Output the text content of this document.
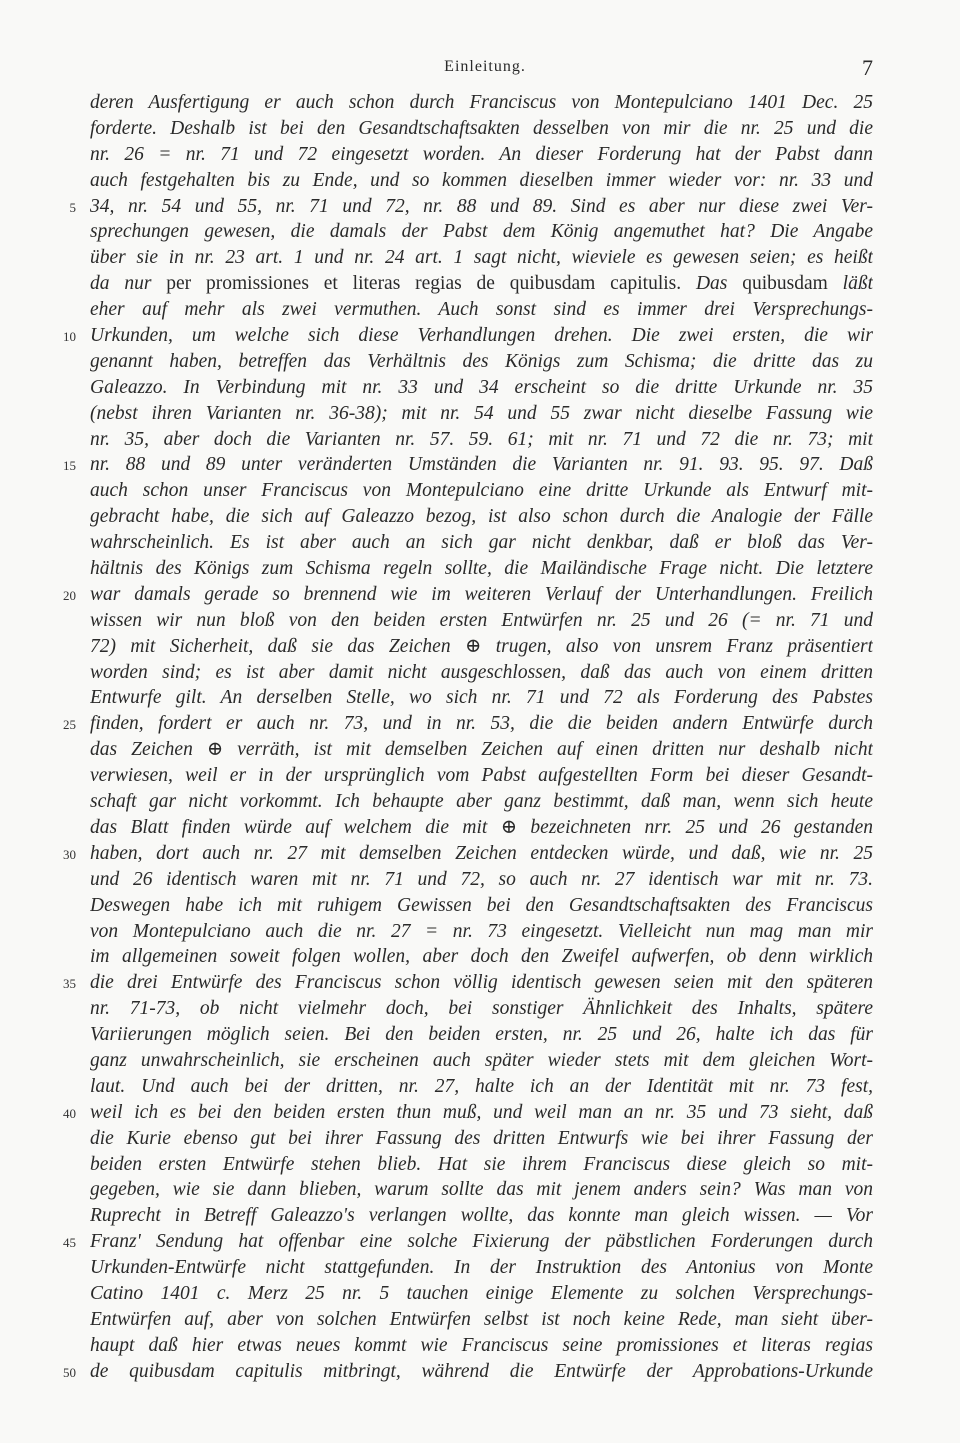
Einleitung.	7
deren Ausfertigung er auch schon durch Franciscus von Montepulciano 1401 Dec. 25
forderte. Deshalb ist bei den Gesandtschaftsakten desselben von mir die nr. 25 und die
nr. 26 = nr. 71 und 72 eingesetzt worden. An dieser Forderung hat der Pabst dann
auch festgehalten bis zu Ende, und so kommen dieselben immer wieder vor: nr. 33 und
5 34, nr. 54 und 55, nr. 71 und 72, nr. 88 und 89. Sind es aber nur diese zwei Ver-
sprechungen gewesen, die damals der Pabst dem König angemuthet hat? Die Angabe
über sie in nr. 23 art. 1 und nr. 24 art. 1 sagt nicht, wieviele es gewesen seien; es heißt
da nur per promissiones et literas regias de quibusdam capitulis. Das quibusdam läßt
eher auf mehr als zwei vermuthen. Auch sonst sind es immer drei Versprechungs-
10 Urkunden, um welche sich diese Verhandlungen drehen. Die zwei ersten, die wir
genannt haben, betreffen das Verhältnis des Königs zum Schisma; die dritte das zu
Galeazzo. In Verbindung mit nr. 33 und 34 erscheint so die dritte Urkunde nr. 35
(nebst ihren Varianten nr. 36-38); mit nr. 54 und 55 zwar nicht dieselbe Fassung wie
nr. 35, aber doch die Varianten nr. 57. 59. 61; mit nr. 71 und 72 die nr. 73; mit
15 nr. 88 und 89 unter veränderten Umständen die Varianten nr. 91. 93. 95. 97. Daß
auch schon unser Franciscus von Montepulciano eine dritte Urkunde als Entwurf mit-
gebracht habe, die sich auf Galeazzo bezog, ist also schon durch die Analogie der Fälle
wahrscheinlich. Es ist aber auch an sich gar nicht denkbar, daß er bloß das Ver-
hältnis des Königs zum Schisma regeln sollte, die Mailändische Frage nicht. Die letztere
20 war damals gerade so brennend wie im weiteren Verlauf der Unterhandlungen. Freilich
wissen wir nun bloß von den beiden ersten Entwürfen nr. 25 und 26 (= nr. 71 und
72) mit Sicherheit, daß sie das Zeichen ⊕ trugen, also von unsrem Franz präsentiert
worden sind; es ist aber damit nicht ausgeschlossen, daß das auch von einem dritten
Entwurfe gilt. An derselben Stelle, wo sich nr. 71 und 72 als Forderung des Pabstes
25 finden, fordert er auch nr. 73, und in nr. 53, die die beiden andern Entwürfe durch
das Zeichen ⊕ verräth, ist mit demselben Zeichen auf einen dritten nur deshalb nicht
verwiesen, weil er in der ursprünglich vom Pabst aufgestellten Form bei dieser Gesandt-
schaft gar nicht vorkommt. Ich behaupte aber ganz bestimmt, daß man, wenn sich heute
das Blatt finden würde auf welchem die mit ⊕ bezeichneten nrr. 25 und 26 gestanden
30 haben, dort auch nr. 27 mit demselben Zeichen entdecken würde, und daß, wie nr. 25
und 26 identisch waren mit nr. 71 und 72, so auch nr. 27 identisch war mit nr. 73.
Deswegen habe ich mit ruhigem Gewissen bei den Gesandtschaftsakten des Franciscus
von Montepulciano auch die nr. 27 = nr. 73 eingesetzt. Vielleicht nun mag man mir
im allgemeinen soweit folgen wollen, aber doch den Zweifel aufwerfen, ob denn wirklich
35 die drei Entwürfe des Franciscus schon völlig identisch gewesen seien mit den späteren
nr. 71-73, ob nicht vielmehr doch, bei sonstiger Ähnlichkeit des Inhalts, spätere
Variierungen möglich seien. Bei den beiden ersten, nr. 25 und 26, halte ich das für
ganz unwahrscheinlich, sie erscheinen auch später wieder stets mit dem gleichen Wort-
laut. Und auch bei der dritten, nr. 27, halte ich an der Identität mit nr. 73 fest,
40 weil ich es bei den beiden ersten thun muß, und weil man an nr. 35 und 73 sieht, daß
die Kurie ebenso gut bei ihrer Fassung des dritten Entwurfs wie bei ihrer Fassung der
beiden ersten Entwürfe stehen blieb. Hat sie ihrem Franciscus diese gleich so mit-
gegeben, wie sie dann blieben, warum sollte das mit jenem anders sein? Was man von
Ruprecht in Betreff Galeazzo's verlangen wollte, das konnte man gleich wissen. — Vor
45 Franz' Sendung hat offenbar eine solche Fixierung der päbstlichen Forderungen durch
Urkunden-Entwürfe nicht stattgefunden. In der Instruktion des Antonius von Monte
Catino 1401 c. Merz 25 nr. 5 tauchen einige Elemente zu solchen Versprechungs-
Entwürfen auf, aber von solchen Entwürfen selbst ist noch keine Rede, man sieht über-
haupt daß hier etwas neues kommt wie Franciscus seine promissiones et literas regias
50 de quibusdam capitulis mitbringt, während die Entwürfe der Approbations-Urkunde
